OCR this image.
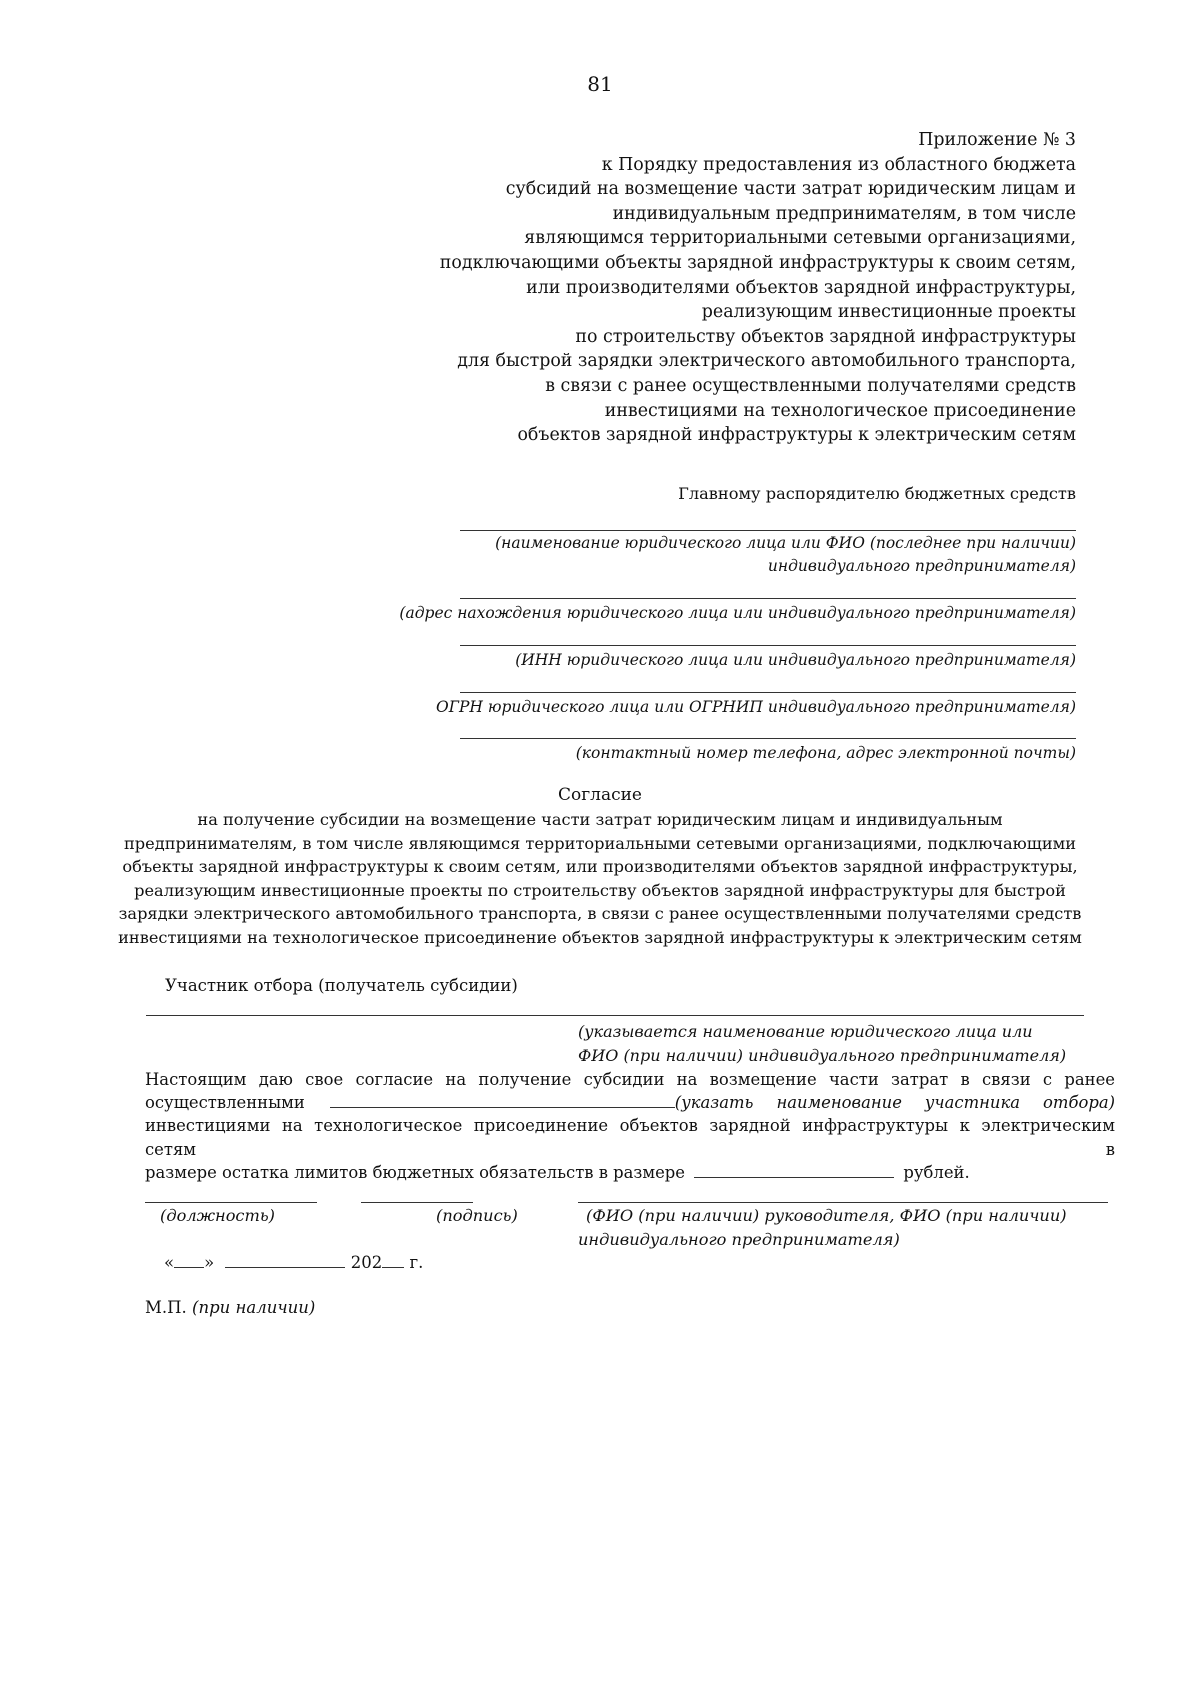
81
Приложение № 3
к Порядку предоставления из областного бюджета
субсидий на возмещение части затрат юридическим лицам и
индивидуальным предпринимателям, в том числе
являющимся территориальными сетевыми организациями,
подключающими объекты зарядной инфраструктуры к своим сетям,
или производителями объектов зарядной инфраструктуры,
реализующим инвестиционные проекты
по строительству объектов зарядной инфраструктуры
для быстрой зарядки электрического автомобильного транспорта,
в связи с ранее осуществленными получателями средств
инвестициями на технологическое присоединение
объектов зарядной инфраструктуры к электрическим сетям
Главному распорядителю бюджетных средств
(наименование юридического лица или ФИО (последнее при наличии)
индивидуального предпринимателя)
(адрес нахождения юридического лица или индивидуального предпринимателя)
(ИНН юридического лица или индивидуального предпринимателя)
ОГРН юридического лица или ОГРНИП индивидуального предпринимателя)
(контактный номер телефона, адрес электронной почты)
Согласие
на получение субсидии на возмещение части затрат юридическим лицам и индивидуальным
предпринимателям, в том числе являющимся территориальными сетевыми организациями, подключающими
объекты зарядной инфраструктуры к своим сетям, или производителями объектов зарядной инфраструктуры,
реализующим инвестиционные проекты по строительству объектов зарядной инфраструктуры для быстрой
зарядки электрического автомобильного транспорта, в связи с ранее осуществленными получателями средств
инвестициями на технологическое присоединение объектов зарядной инфраструктуры к электрическим сетям
Участник отбора (получатель субсидии)
(указывается наименование юридического лица или
ФИО (при наличии) индивидуального предпринимателя)
Настоящим даю свое согласие на получение субсидии на возмещение части затрат в связи с ранее
осуществленными	(указать наименование участника отбора)
инвестициями на технологическое присоединение объектов зарядной инфраструктуры к электрическим сетям в
размере остатка лимитов бюджетных обязательств в размере	рублей.
(должность)	(подпись)	(ФИО (при наличии) руководителя, ФИО (при наличии)
индивидуального предпринимателя)
« »	202 г.
М.П. (при наличии)
